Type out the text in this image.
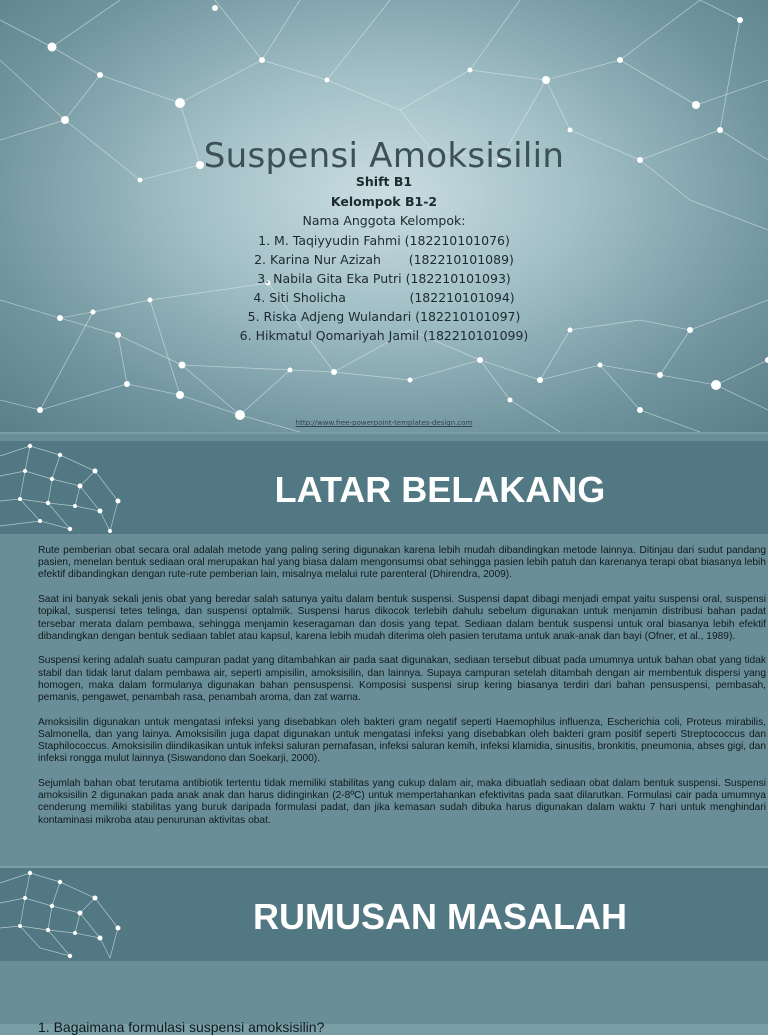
Suspensi Amoksisilin
Shift B1
Kelompok B1-2
Nama Anggota Kelompok:
1. M. Taqiyyudin Fahmi (182210101076)
2. Karina Nur Azizah       (182210101089)
3. Nabila Gita Eka Putri (182210101093)
4. Siti Sholicha                (182210101094)
5. Riska Adjeng Wulandari (182210101097)
6. Hikmatul Qomariyah Jamil (182210101099)
http://www.free-powerpoint-templates-design.com
LATAR BELAKANG

Rute pemberian obat secara oral adalah metode yang paling sering digunakan karena lebih mudah dibandingkan metode lainnya. Ditinjau dari sudut pandang pasien, menelan bentuk sediaan oral merupakan hal yang biasa dalam mengonsumsi obat sehingga pasien lebih patuh dan karenanya terapi obat biasanya lebih efektif dibandingkan dengan rute-rute pemberian lain, misalnya melalui rute parenteral (Dhirendra, 2009).

Saat ini banyak sekali jenis obat yang beredar salah satunya yaitu dalam bentuk suspensi. Suspensi dapat dibagi menjadi empat yaitu suspensi oral, suspensi topikal, suspensi tetes telinga, dan suspensi optalmik. Suspensi harus dikocok terlebih dahulu sebelum digunakan untuk menjamin distribusi bahan padat tersebar merata dalam pembawa, sehingga menjamin keseragaman dan dosis yang tepat. Sediaan dalam bentuk suspensi untuk oral biasanya lebih efektif dibandingkan dengan bentuk sediaan tablet atau kapsul, karena lebih mudah diterima oleh pasien terutama untuk anak-anak dan bayi (Ofner, et al., 1989).

Suspensi kering adalah suatu campuran padat yang ditambahkan air pada saat digunakan, sediaan tersebut dibuat pada umumnya untuk bahan obat yang tidak stabil dan tidak larut dalam pembawa air, seperti ampisilin, amoksisilin, dan lainnya. Supaya campuran setelah ditambah dengan air membentuk dispersi yang homogen, maka dalam formulanya digunakan bahan pensuspensi. Komposisi suspensi sirup kering biasanya terdiri dari bahan pensuspensi, pembasah, pemanis, pengawet, penambah rasa, penambah aroma, dan zat warna.

Amoksisilin digunakan untuk mengatasi infeksi yang disebabkan oleh bakteri gram negatif seperti Haemophilus influenza, Escherichia coli, Proteus mirabilis, Salmonella, dan yang lainya. Amoksisilin juga dapat digunakan untuk mengatasi infeksi yang disebabkan oleh bakteri gram positif seperti Streptococcus dan Staphilococcus. Amoksisilin diindikasikan untuk infeksi saluran pernafasan, infeksi saluran kemih, infeksi klamidia, sinusitis, bronkitis, pneumonia, abses gigi, dan infeksi rongga mulut lainnya (Siswandono dan Soekarji, 2000).

Sejumlah bahan obat terutama antibiotik tertentu tidak memiliki stabilitas yang cukup dalam air, maka dibuatlah sediaan obat dalam bentuk suspensi. Suspensi amoksisilin 2 digunakan pada anak anak dan harus didinginkan (2-8ºC) untuk mempertahankan efektivitas pada saat dilarutkan. Formulasi cair pada umumnya cenderung memiliki stabilitas yang buruk daripada formulasi padat, dan jika kemasan sudah dibuka harus digunakan dalam waktu 7 hari untuk menghindari kontaminasi mikroba atau penurunan aktivitas obat.

RUMUSAN MASALAH
1. Bagaimana formulasi suspensi amoksisilin?
